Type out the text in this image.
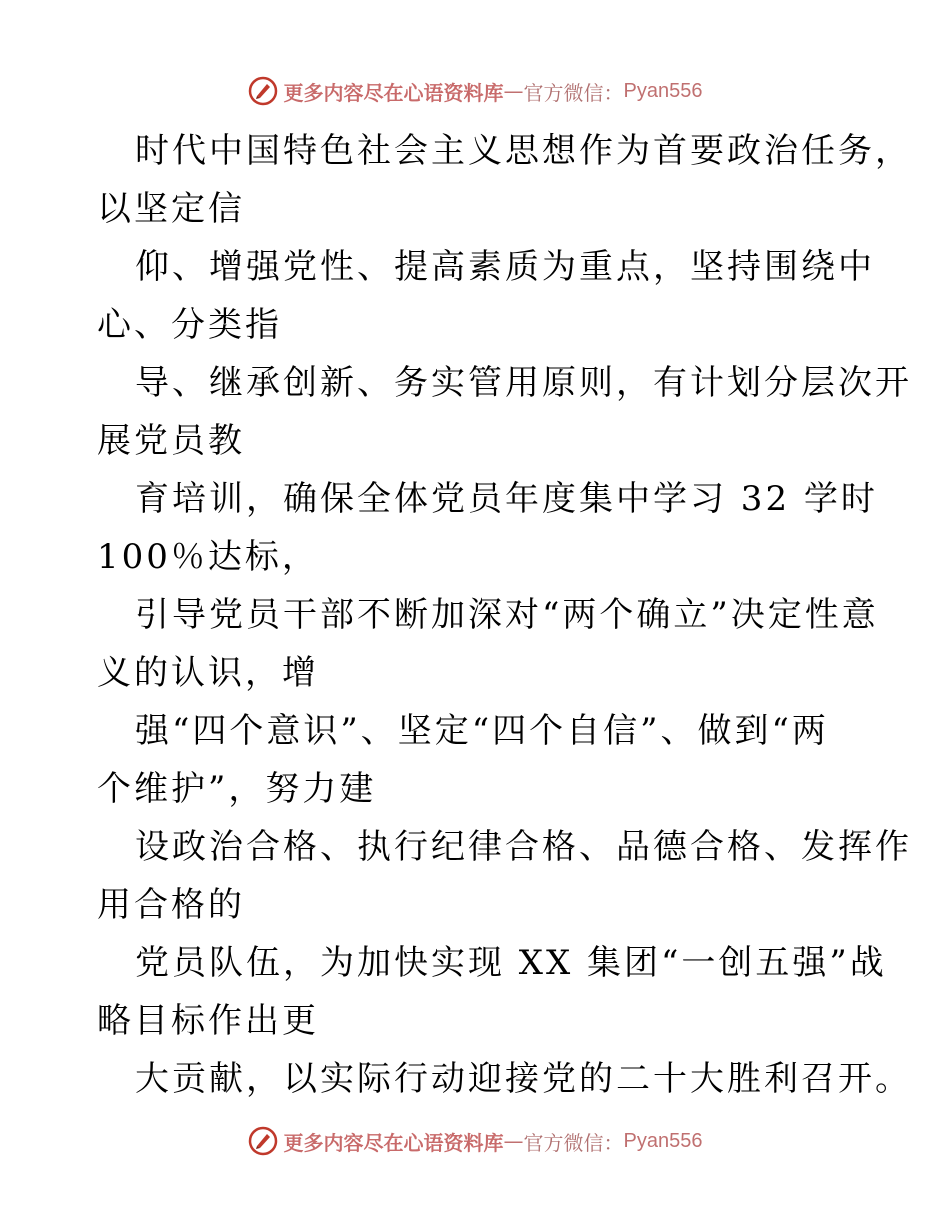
更多内容尽在心语资料库 — 官方微信： Pyan556
时代中国特色社会主义思想作为首要政治任务，
以坚定信
仰、增强党性、提高素质为重点，坚持围绕中
心、分类指
导、继承创新、务实管用原则，有计划分层次开
展党员教
育培训，确保全体党员年度集中学习 32 学时
100％达标，
引导党员干部不断加深对“两个确立”决定性意
义的认识，增
强“四个意识”、坚定“四个自信”、做到“两
个维护”，努力建
设政治合格、执行纪律合格、品德合格、发挥作
用合格的
党员队伍，为加快实现 XX 集团“一创五强”战
略目标作出更
大贡献，以实际行动迎接党的二十大胜利召开。
更多内容尽在心语资料库 — 官方微信： Pyan556
